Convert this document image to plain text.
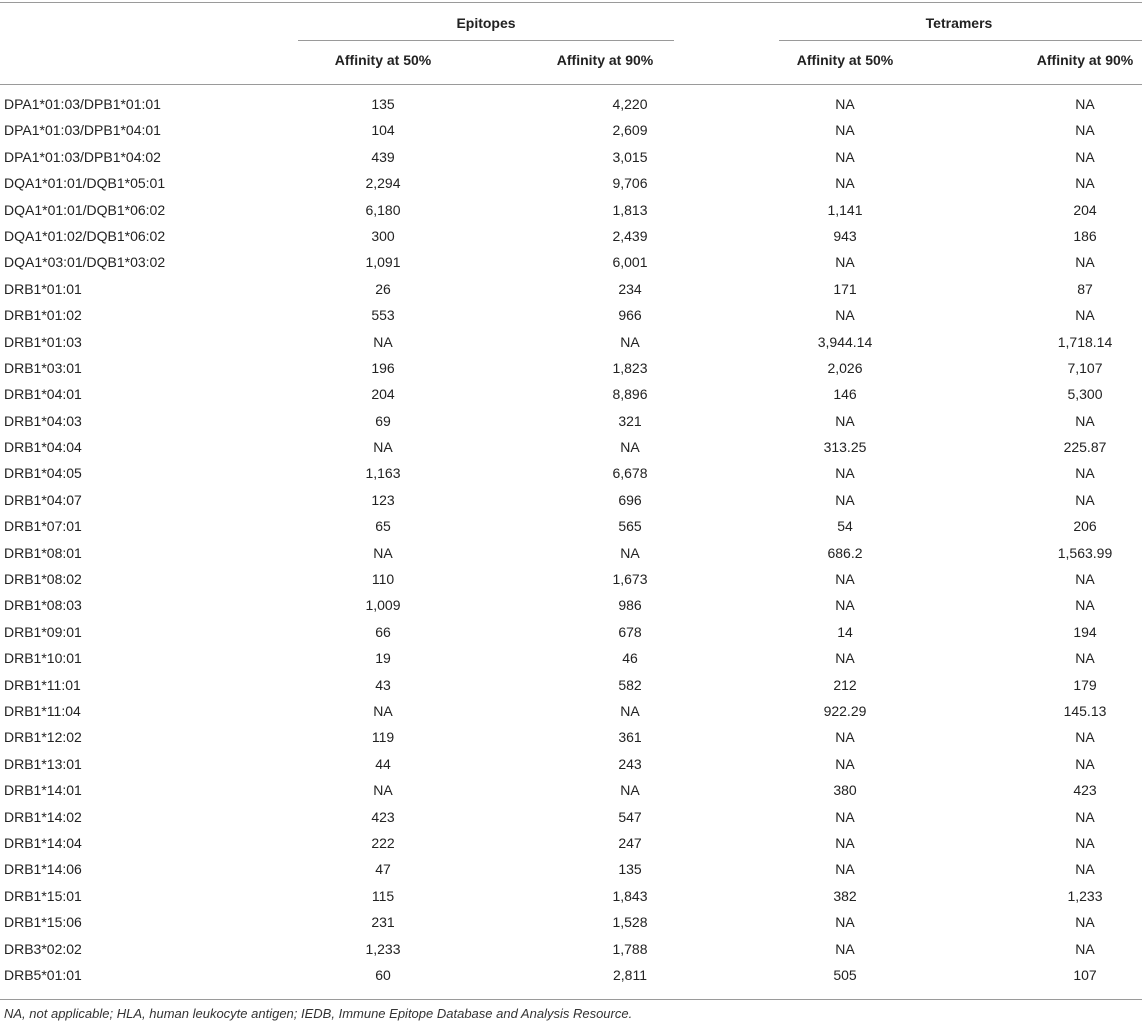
Epitopes	Tetramers
Affinity at 50%	Affinity at 90%	Affinity at 50%	Affinity at 90%
DPA1*01:03/DPB1*01:01	135	4,220	NA	NA
DPA1*01:03/DPB1*04:01	104	2,609	NA	NA
DPA1*01:03/DPB1*04:02	439	3,015	NA	NA
DQA1*01:01/DQB1*05:01	2,294	9,706	NA	NA
DQA1*01:01/DQB1*06:02	6,180	1,813	1,141	204
DQA1*01:02/DQB1*06:02	300	2,439	943	186
DQA1*03:01/DQB1*03:02	1,091	6,001	NA	NA
DRB1*01:01	26	234	171	87
DRB1*01:02	553	966	NA	NA
DRB1*01:03	NA	NA	3,944.14	1,718.14
DRB1*03:01	196	1,823	2,026	7,107
DRB1*04:01	204	8,896	146	5,300
DRB1*04:03	69	321	NA	NA
DRB1*04:04	NA	NA	313.25	225.87
DRB1*04:05	1,163	6,678	NA	NA
DRB1*04:07	123	696	NA	NA
DRB1*07:01	65	565	54	206
DRB1*08:01	NA	NA	686.2	1,563.99
DRB1*08:02	110	1,673	NA	NA
DRB1*08:03	1,009	986	NA	NA
DRB1*09:01	66	678	14	194
DRB1*10:01	19	46	NA	NA
DRB1*11:01	43	582	212	179
DRB1*11:04	NA	NA	922.29	145.13
DRB1*12:02	119	361	NA	NA
DRB1*13:01	44	243	NA	NA
DRB1*14:01	NA	NA	380	423
DRB1*14:02	423	547	NA	NA
DRB1*14:04	222	247	NA	NA
DRB1*14:06	47	135	NA	NA
DRB1*15:01	115	1,843	382	1,233
DRB1*15:06	231	1,528	NA	NA
DRB3*02:02	1,233	1,788	NA	NA
DRB5*01:01	60	2,811	505	107
NA, not applicable; HLA, human leukocyte antigen; IEDB, Immune Epitope Database and Analysis Resource.
